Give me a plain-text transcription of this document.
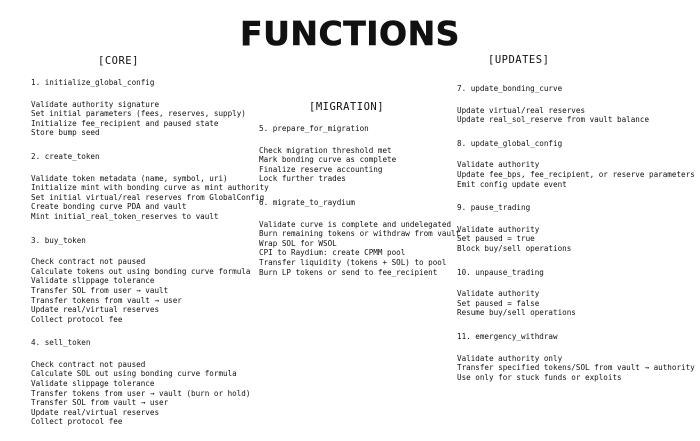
FUNCTIONS
[CORE]
1. initialize_global_config
Validate authority signature
Set initial parameters (fees, reserves, supply)
Initialize fee_recipient and paused state
Store bump seed
2. create_token
Validate token metadata (name, symbol, uri)
Initialize mint with bonding curve as mint authority
Set initial virtual/real reserves from GlobalConfig
Create bonding curve PDA and vault
Mint initial_real_token_reserves to vault
3. buy_token
Check contract not paused
Calculate tokens out using bonding curve formula
Validate slippage tolerance
Transfer SOL from user → vault
Transfer tokens from vault → user
Update real/virtual reserves
Collect protocol fee
4. sell_token
Check contract not paused
Calculate SOL out using bonding curve formula
Validate slippage tolerance
Transfer tokens from user → vault (burn or hold)
Transfer SOL from vault → user
Update real/virtual reserves
Collect protocol fee
[MIGRATION]
5. prepare_for_migration
Check migration threshold met
Mark bonding curve as complete
Finalize reserve accounting
Lock further trades
6. migrate_to_raydium
Validate curve is complete and undelegated
Burn remaining tokens or withdraw from vault
Wrap SOL for WSOL
CPI to Raydium: create CPMM pool
Transfer liquidity (tokens + SOL) to pool
Burn LP tokens or send to fee_recipient
[UPDATES]
7. update_bonding_curve
Update virtual/real reserves
Update real_sol_reserve from vault balance
8. update_global_config
Validate authority
Update fee_bps, fee_recipient, or reserve parameters
Emit config update event
9. pause_trading
Validate authority
Set paused = true
Block buy/sell operations
10. unpause_trading
Validate authority
Set paused = false
Resume buy/sell operations
11. emergency_withdraw
Validate authority only
Transfer specified tokens/SOL from vault → authority
Use only for stuck funds or exploits
